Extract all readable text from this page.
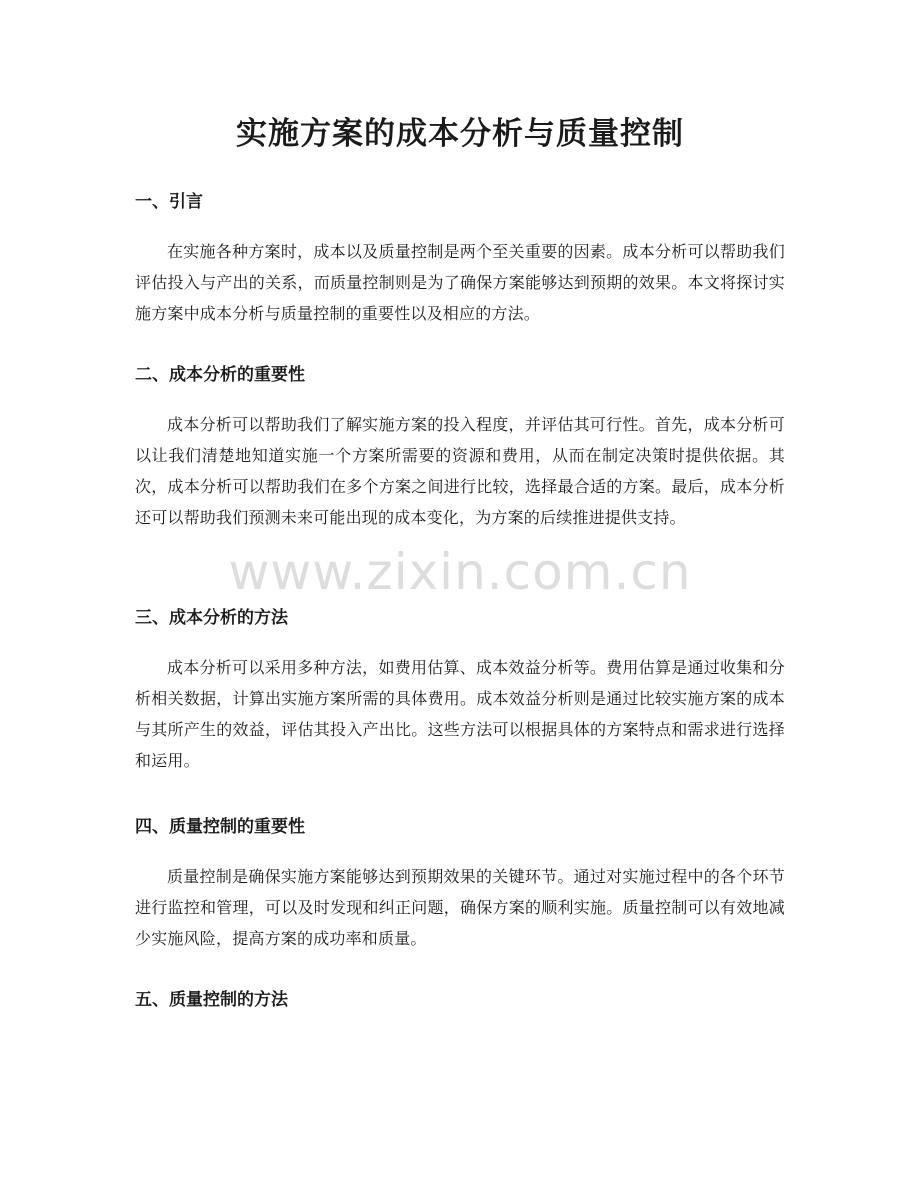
实施方案的成本分析与质量控制
一、引言

在实施各种方案时，成本以及质量控制是两个至关重要的因素。成本分析可以帮助我们评估投入与产出的关系，而质量控制则是为了确保方案能够达到预期的效果。本文将探讨实施方案中成本分析与质量控制的重要性以及相应的方法。

二、成本分析的重要性

成本分析可以帮助我们了解实施方案的投入程度，并评估其可行性。首先，成本分析可以让我们清楚地知道实施一个方案所需要的资源和费用，从而在制定决策时提供依据。其次，成本分析可以帮助我们在多个方案之间进行比较，选择最合适的方案。最后，成本分析还可以帮助我们预测未来可能出现的成本变化，为方案的后续推进提供支持。

三、成本分析的方法

成本分析可以采用多种方法，如费用估算、成本效益分析等。费用估算是通过收集和分析相关数据，计算出实施方案所需的具体费用。成本效益分析则是通过比较实施方案的成本与其所产生的效益，评估其投入产出比。这些方法可以根据具体的方案特点和需求进行选择和运用。

四、质量控制的重要性

质量控制是确保实施方案能够达到预期效果的关键环节。通过对实施过程中的各个环节进行监控和管理，可以及时发现和纠正问题，确保方案的顺利实施。质量控制可以有效地减少实施风险，提高方案的成功率和质量。

五、质量控制的方法
www.zixin.com.cn
